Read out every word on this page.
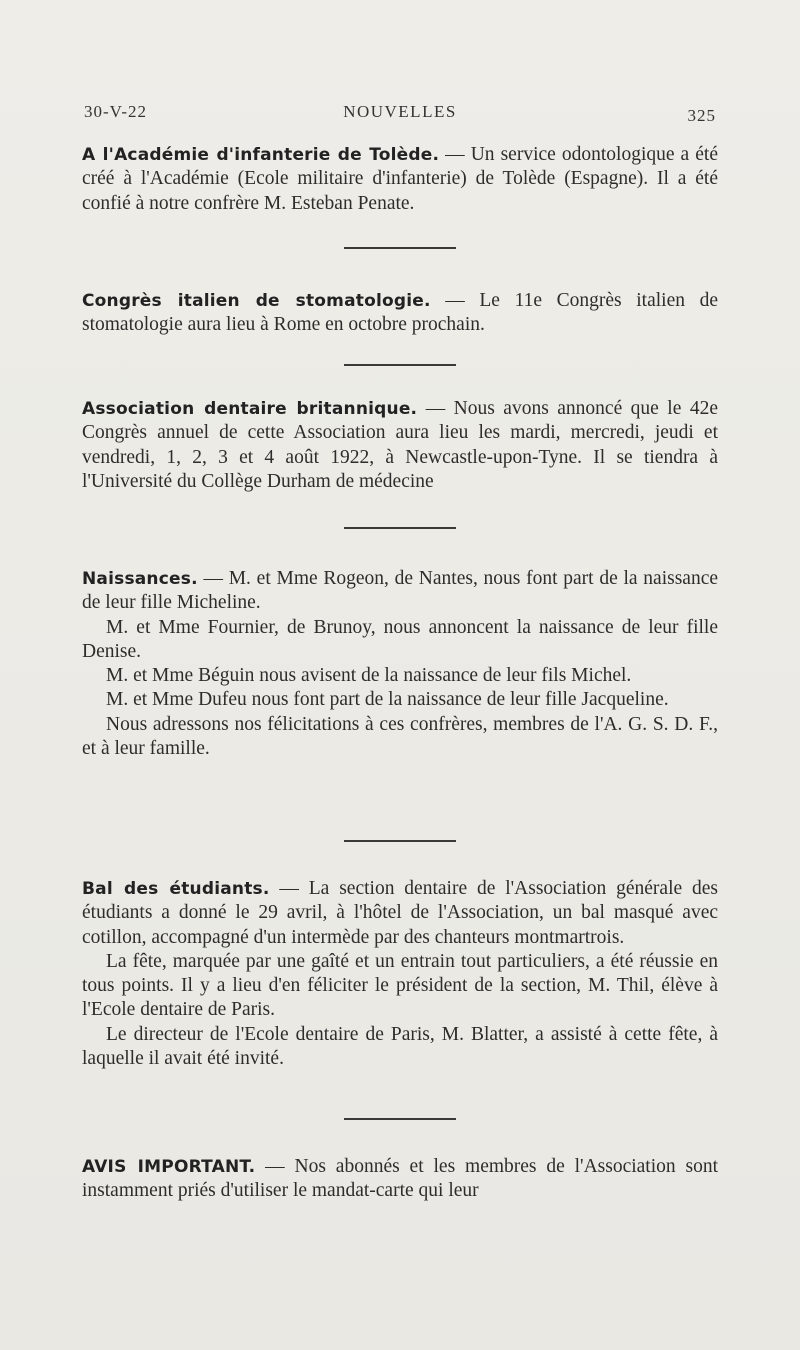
30-V-22	NOUVELLES	325

A l'Académie d'infanterie de Tolède. — Un service odontologique a été créé à l'Académie (Ecole militaire d'infanterie) de Tolède (Espagne). Il a été confié à notre confrère M. Esteban Penate.

Congrès italien de stomatologie. — Le 11e Congrès italien de stomatologie aura lieu à Rome en octobre prochain.

Association dentaire britannique. — Nous avons annoncé que le 42e Congrès annuel de cette Association aura lieu les mardi, mercredi, jeudi et vendredi, 1, 2, 3 et 4 août 1922, à Newcastle-upon-Tyne. Il se tiendra à l'Université du Collège Durham de médecine

Naissances. — M. et Mme Rogeon, de Nantes, nous font part de la naissance de leur fille Micheline.

M. et Mme Fournier, de Brunoy, nous annoncent la naissance de leur fille Denise.

M. et Mme Béguin nous avisent de la naissance de leur fils Michel.

M. et Mme Dufeu nous font part de la naissance de leur fille Jacqueline.

Nous adressons nos félicitations à ces confrères, membres de l'A. G. S. D. F., et à leur famille.

Bal des étudiants. — La section dentaire de l'Association générale des étudiants a donné le 29 avril, à l'hôtel de l'Association, un bal masqué avec cotillon, accompagné d'un intermède par des chanteurs montmartrois.

La fête, marquée par une gaîté et un entrain tout particuliers, a été réussie en tous points. Il y a lieu d'en féliciter le président de la section, M. Thil, élève à l'Ecole dentaire de Paris.

Le directeur de l'Ecole dentaire de Paris, M. Blatter, a assisté à cette fête, à laquelle il avait été invité.

AVIS IMPORTANT. — Nos abonnés et les membres de l'Association sont instamment priés d'utiliser le mandat-carte qui leur
